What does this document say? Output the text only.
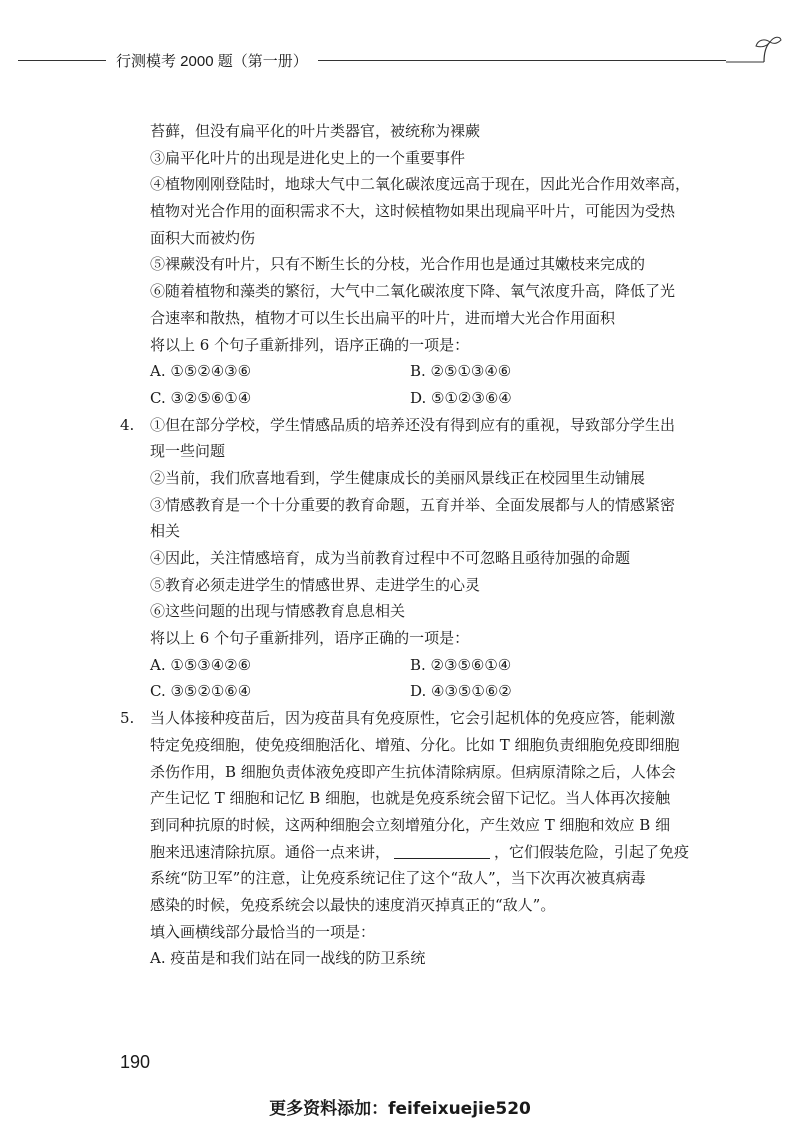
行测模考 2000 题（第一册）
苔藓，但没有扁平化的叶片类器官，被统称为裸蕨
③扁平化叶片的出现是进化史上的一个重要事件
④植物刚刚登陆时，地球大气中二氧化碳浓度远高于现在，因此光合作用效率高，
植物对光合作用的面积需求不大，这时候植物如果出现扁平叶片，可能因为受热
面积大而被灼伤
⑤裸蕨没有叶片，只有不断生长的分枝，光合作用也是通过其嫩枝来完成的
⑥随着植物和藻类的繁衍，大气中二氧化碳浓度下降、氧气浓度升高，降低了光
合速率和散热，植物才可以生长出扁平的叶片，进而增大光合作用面积
将以上 6 个句子重新排列，语序正确的一项是：
A. ①⑤②④③⑥	B. ②⑤①③④⑥
C. ③②⑤⑥①④	D. ⑤①②③⑥④
4. ①但在部分学校，学生情感品质的培养还没有得到应有的重视，导致部分学生出
现一些问题
②当前，我们欣喜地看到，学生健康成长的美丽风景线正在校园里生动铺展
③情感教育是一个十分重要的教育命题，五育并举、全面发展都与人的情感紧密
相关
④因此，关注情感培育，成为当前教育过程中不可忽略且亟待加强的命题
⑤教育必须走进学生的情感世界、走进学生的心灵
⑥这些问题的出现与情感教育息息相关
将以上 6 个句子重新排列，语序正确的一项是：
A. ①⑤③④②⑥	B. ②③⑤⑥①④
C. ③⑤②①⑥④	D. ④③⑤①⑥②
5. 当人体接种疫苗后，因为疫苗具有免疫原性，它会引起机体的免疫应答，能刺激
特定免疫细胞，使免疫细胞活化、增殖、分化。比如 T 细胞负责细胞免疫即细胞
杀伤作用，B 细胞负责体液免疫即产生抗体清除病原。但病原清除之后，人体会
产生记忆 T 细胞和记忆 B 细胞，也就是免疫系统会留下记忆。当人体再次接触
到同种抗原的时候，这两种细胞会立刻增殖分化，产生效应 T 细胞和效应 B 细
胞来迅速清除抗原。通俗一点来讲，	，它们假装危险，引起了免疫
系统“防卫军”的注意，让免疫系统记住了这个“敌人”，当下次再次被真病毒
感染的时候，免疫系统会以最快的速度消灭掉真正的“敌人”。
填入画横线部分最恰当的一项是：
A. 疫苗是和我们站在同一战线的防卫系统
190
更多资料添加：feifeixuejie520
